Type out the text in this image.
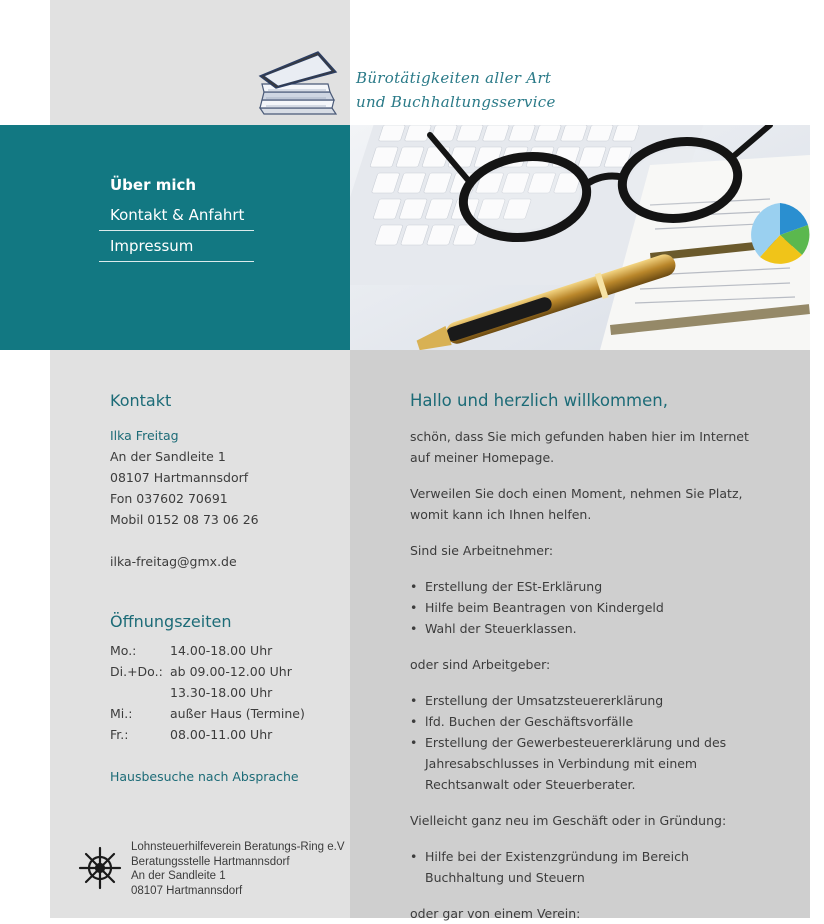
Bürotätigkeiten aller Art
und Buchhaltungsservice
Über mich
Kontakt & Anfahrt
Impressum
Kontakt
Ilka Freitag
An der Sandleite 1
08107 Hartmannsdorf
Fon 037602 70691
Mobil 0152 08 73 06 26
ilka-freitag@gmx.de
Öffnungszeiten
Mo.:	14.00-18.00 Uhr
Di.+Do.: ab 09.00-12.00 Uhr
13.30-18.00 Uhr
Mi.:	außer Haus (Termine)
Fr.:	08.00-11.00 Uhr
Hausbesuche nach Absprache
Lohnsteuerhilfeverein Beratungs-Ring e.V
Beratungsstelle Hartmannsdorf
An der Sandleite 1
08107 Hartmannsdorf
Hallo und herzlich willkommen,

schön, dass Sie mich gefunden haben hier im Internet

auf meiner Homepage.

Verweilen Sie doch einen Moment, nehmen Sie Platz,

womit kann ich Ihnen helfen.

Sind sie Arbeitnehmer:

• Erstellung der ESt-Erklärung
• Hilfe beim Beantragen von Kindergeld
• Wahl der Steuerklassen.

oder sind Arbeitgeber:

• Erstellung der Umsatzsteuererklärung
• lfd. Buchen der Geschäftsvorfälle
• Erstellung der Gewerbesteuererklärung und des
Jahresabschlusses in Verbindung mit einem
Rechtsanwalt oder Steuerberater.

Vielleicht ganz neu im Geschäft oder in Gründung:

• Hilfe bei der Existenzgründung im Bereich
Buchhaltung und Steuern

oder gar von einem Verein:
